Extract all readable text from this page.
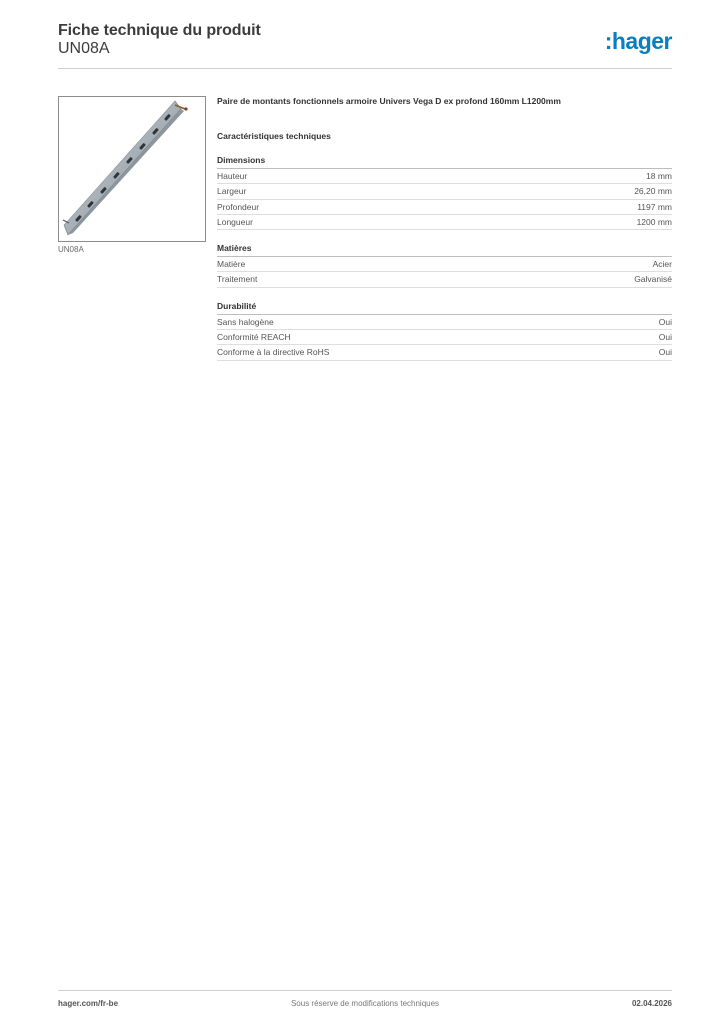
Fiche technique du produit
UN08A	:hager
UN08A

Paire de montants fonctionnels armoire Univers Vega D ex profond 160mm L1200mm

Caractéristiques techniques
Dimensions
Hauteur	18 mm
Largeur	26,20 mm
Profondeur	1197 mm
Longueur	1200 mm
Matières
Matière	Acier
Traitement	Galvanisé
Durabilité
Sans halogène	Oui
Conformité REACH	Oui
Conforme à la directive RoHS	Oui
hager.com/fr-be	Sous réserve de modifications techniques	02.04.2026
